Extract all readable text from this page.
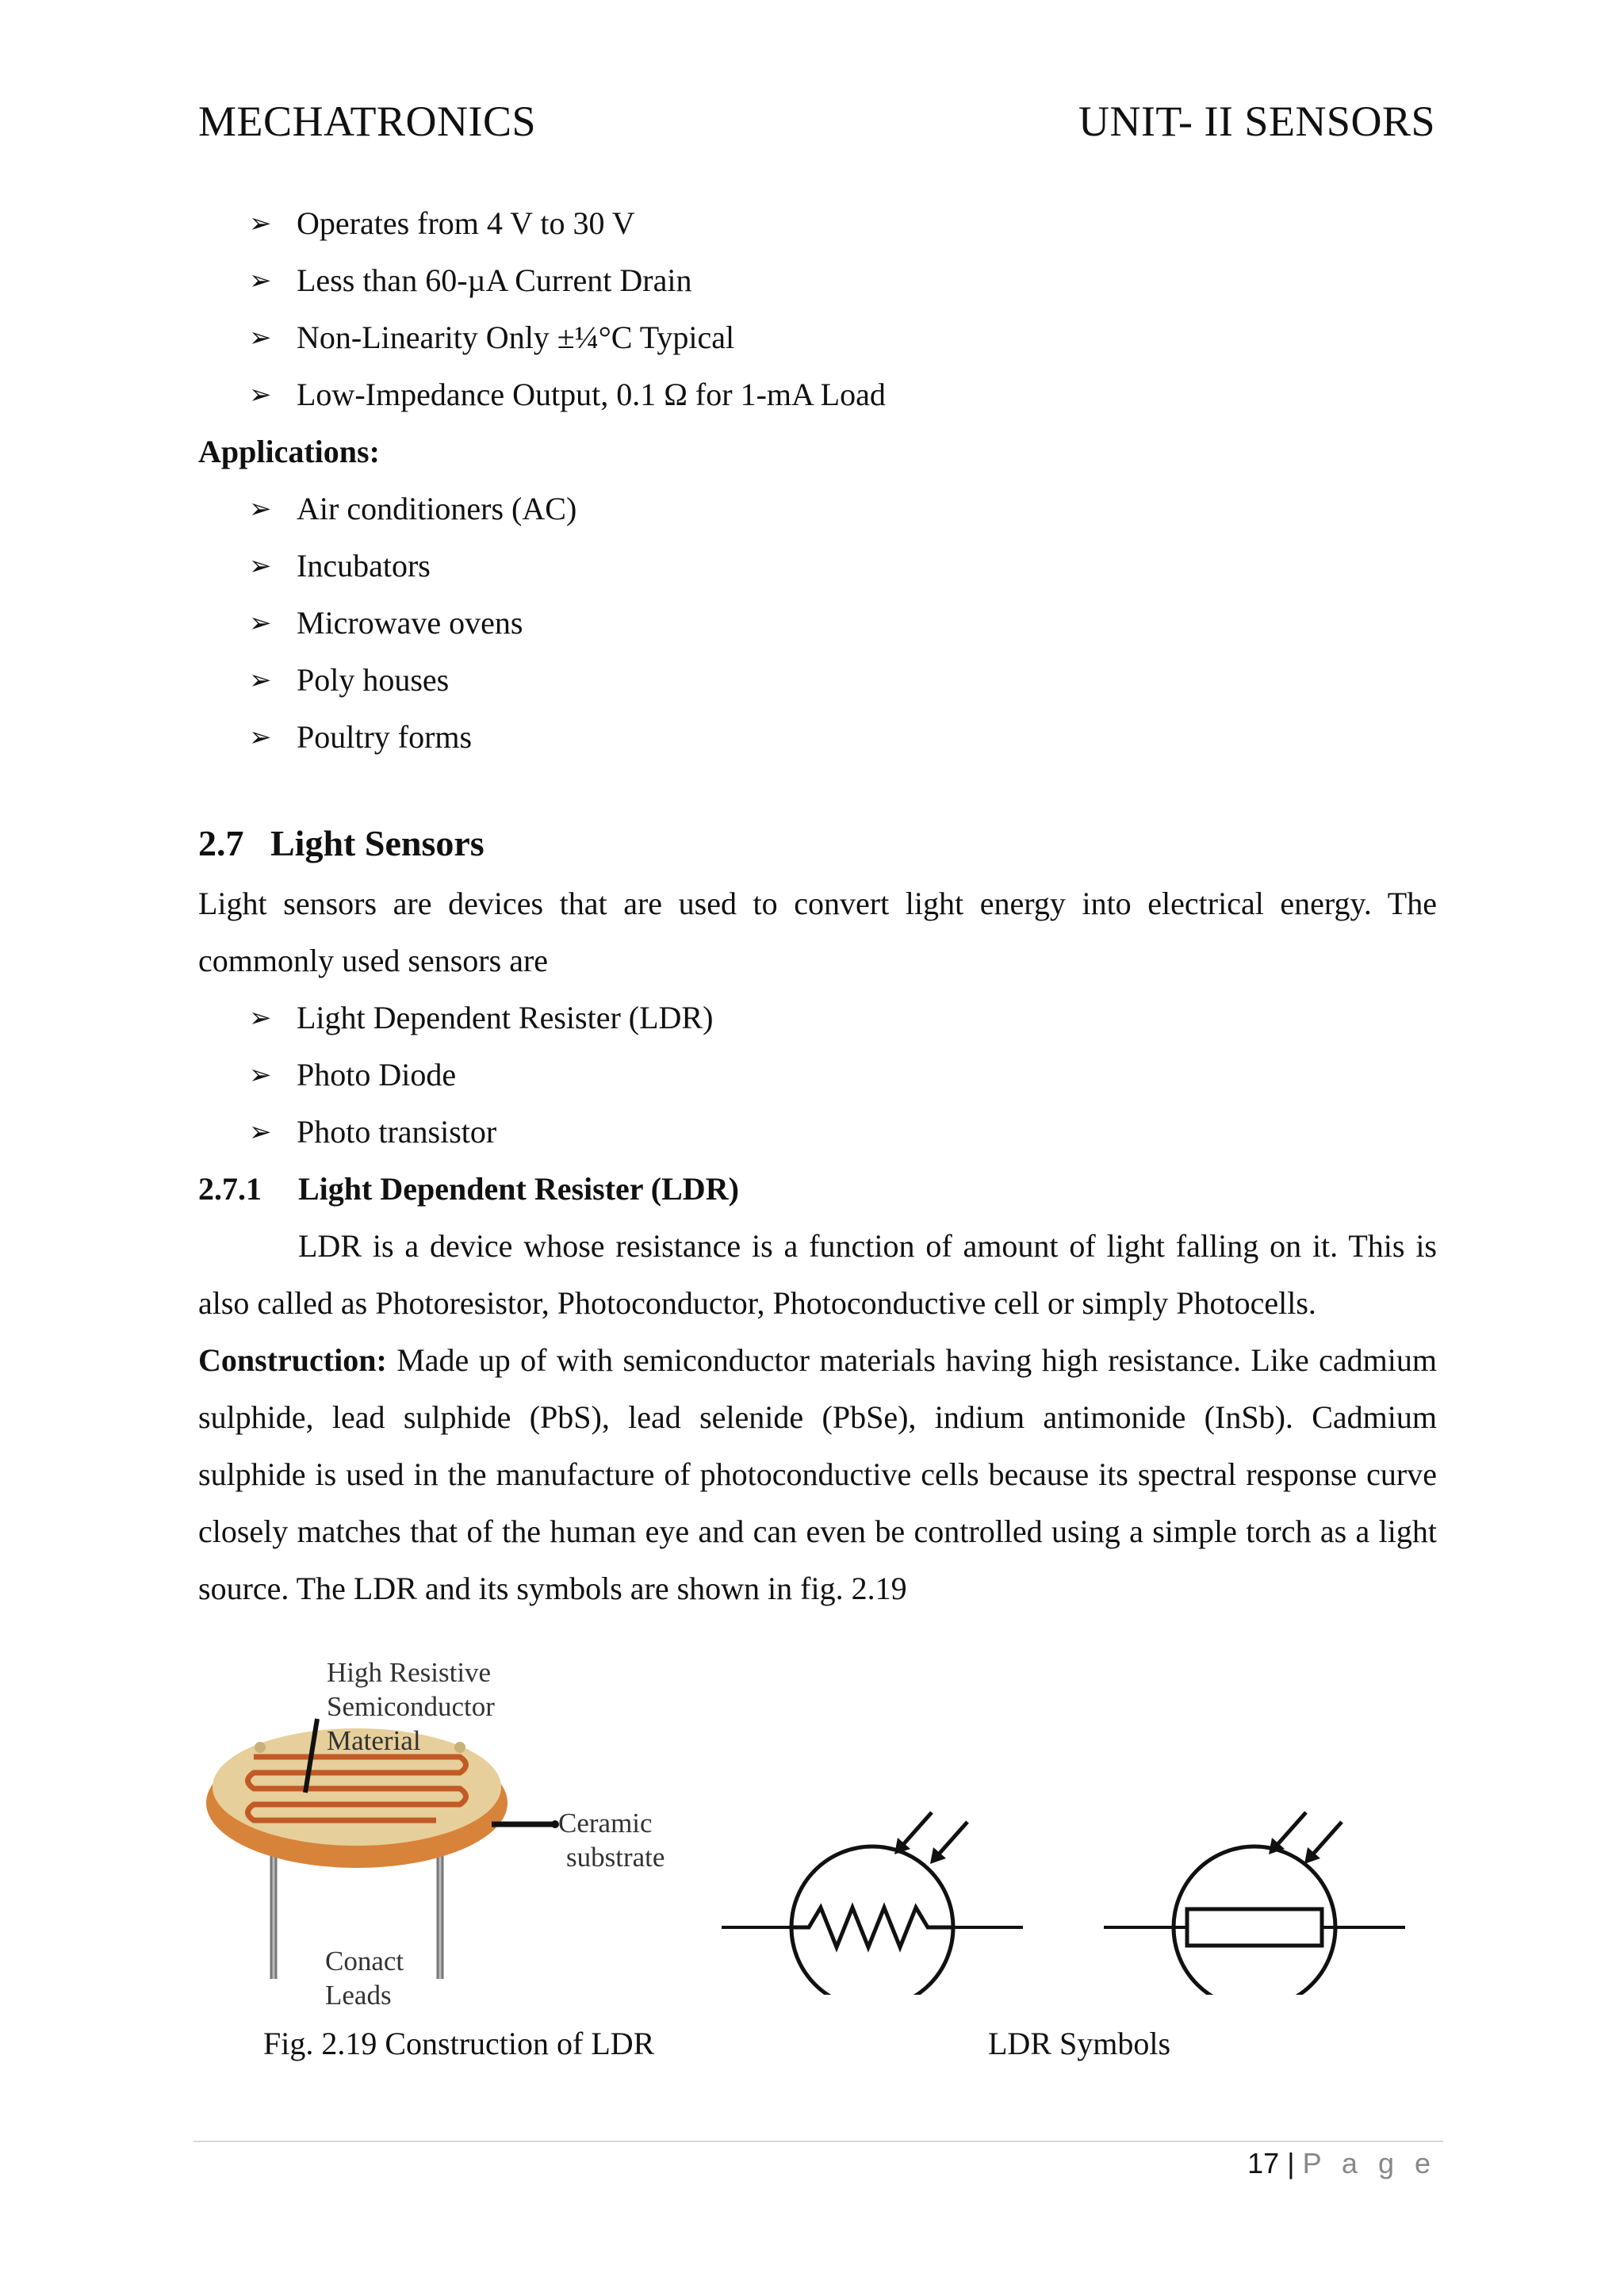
MECHATRONICS	UNIT- II SENSORS
➢ Operates from 4 V to 30 V
➢ Less than 60-µA Current Drain
➢ Non-Linearity Only ±¼°C Typical
➢ Low-Impedance Output, 0.1 Ω for 1-mA Load
Applications:
➢ Air conditioners (AC)
➢ Incubators
➢ Microwave ovens
➢ Poly houses
➢ Poultry forms
2.7 Light Sensors

Light sensors are devices that are used to convert light energy into electrical energy. The commonly used sensors are

➢ Light Dependent Resister (LDR)
➢ Photo Diode
➢ Photo transistor
2.7.1	Light Dependent Resister (LDR)

LDR is a device whose resistance is a function of amount of light falling on it. This is also called as Photoresistor, Photoconductor, Photoconductive cell or simply Photocells.

Construction: Made up of with semiconductor materials having high resistance. Like cadmium sulphide, lead sulphide (PbS), lead selenide (PbSe), indium antimonide (InSb). Cadmium sulphide is used in the manufacture of photoconductive cells because its spectral response curve closely matches that of the human eye and can even be controlled using a simple torch as a light source. The LDR and its symbols are shown in fig. 2.19

High Resistive
Semiconductor
Material
Ceramic
substrate
Conact
Leads
Fig. 2.19 Construction of LDR	LDR Symbols
17 | P a g e
